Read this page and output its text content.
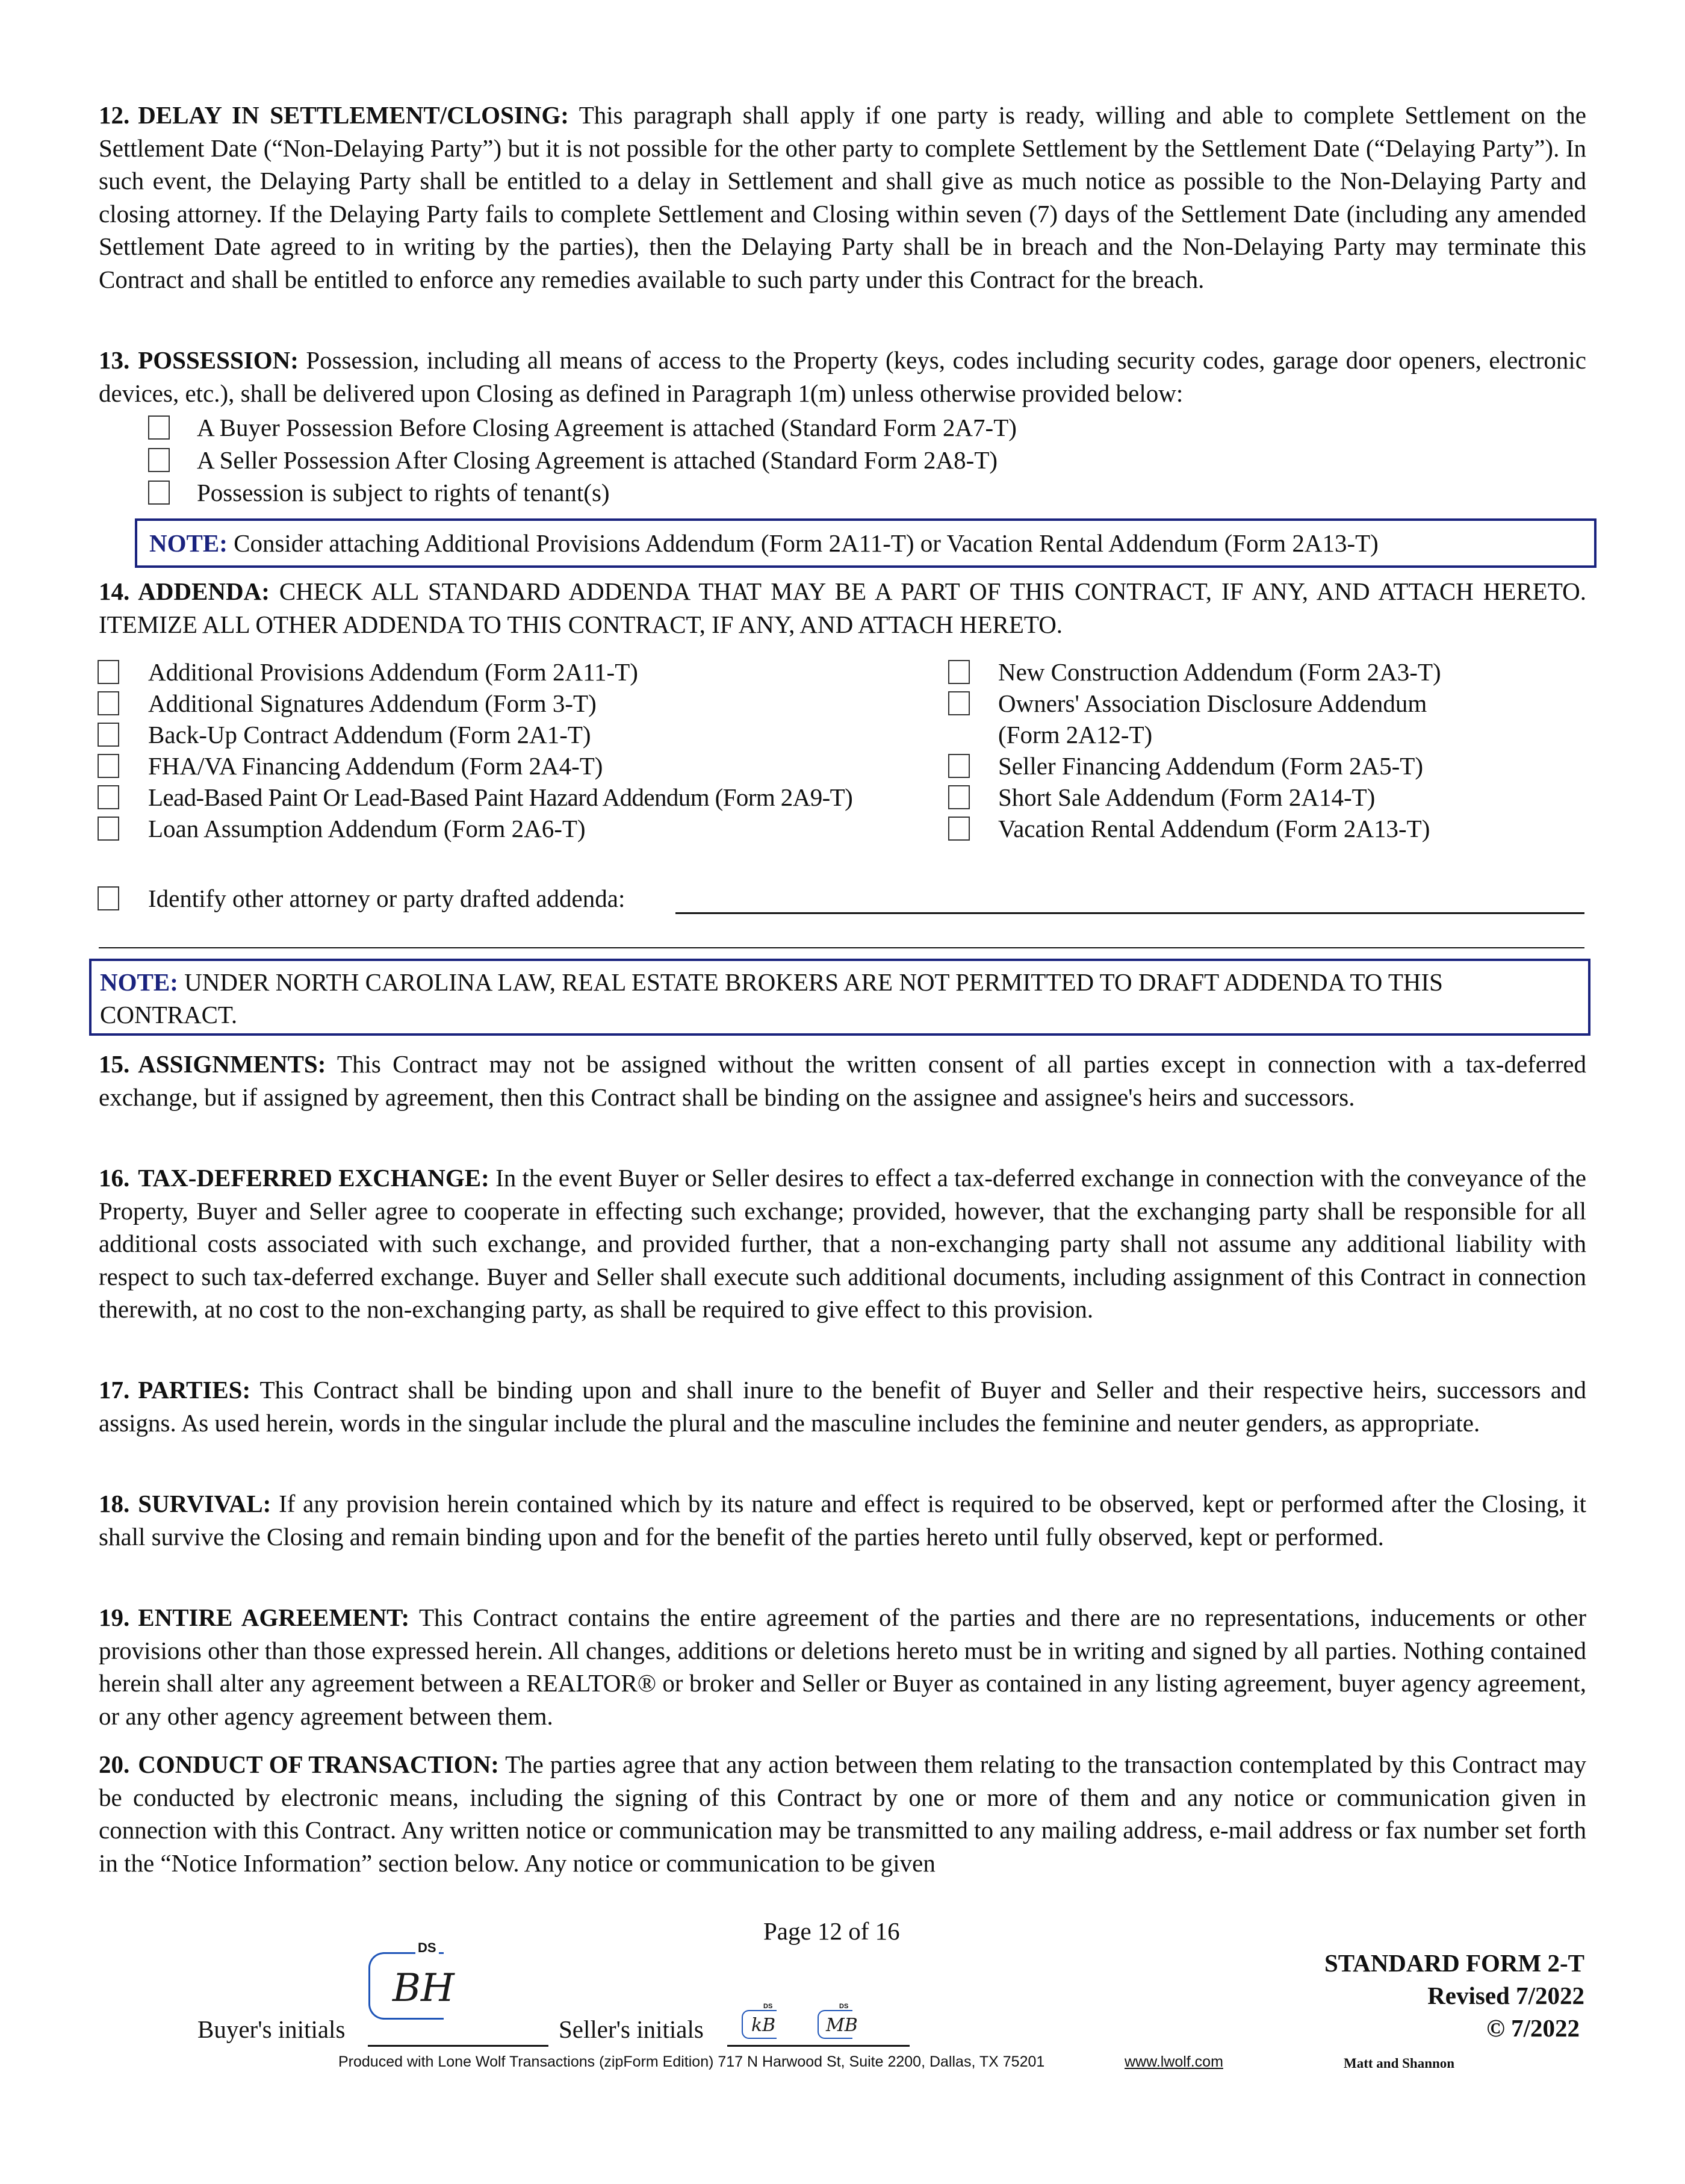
12. DELAY IN SETTLEMENT/CLOSING: This paragraph shall apply if one party is ready, willing and able to complete Settlement on the Settlement Date (“Non-Delaying Party”) but it is not possible for the other party to complete Settlement by the Settlement Date (“Delaying Party”). In such event, the Delaying Party shall be entitled to a delay in Settlement and shall give as much notice as possible to the Non-Delaying Party and closing attorney. If the Delaying Party fails to complete Settlement and Closing within seven (7) days of the Settlement Date (including any amended Settlement Date agreed to in writing by the parties), then the Delaying Party shall be in breach and the Non-Delaying Party may terminate this Contract and shall be entitled to enforce any remedies available to such party under this Contract for the breach.

13. POSSESSION: Possession, including all means of access to the Property (keys, codes including security codes, garage door openers, electronic devices, etc.), shall be delivered upon Closing as defined in Paragraph 1(m) unless otherwise provided below:

A Buyer Possession Before Closing Agreement is attached (Standard Form 2A7-T)
A Seller Possession After Closing Agreement is attached (Standard Form 2A8-T)
Possession is subject to rights of tenant(s)
NOTE: Consider attaching Additional Provisions Addendum (Form 2A11-T) or Vacation Rental Addendum (Form 2A13-T)

14. ADDENDA: CHECK ALL STANDARD ADDENDA THAT MAY BE A PART OF THIS CONTRACT, IF ANY, AND ATTACH HERETO. ITEMIZE ALL OTHER ADDENDA TO THIS CONTRACT, IF ANY, AND ATTACH HERETO.

Additional Provisions Addendum (Form 2A11-T)
Additional Signatures Addendum (Form 3-T)
Back-Up Contract Addendum (Form 2A1-T)
FHA/VA Financing Addendum (Form 2A4-T)
Lead-Based Paint Or Lead-Based Paint Hazard Addendum (Form 2A9-T)
Loan Assumption Addendum (Form 2A6-T)
New Construction Addendum (Form 2A3-T)
Owners' Association Disclosure Addendum
(Form 2A12-T)
Seller Financing Addendum (Form 2A5-T)
Short Sale Addendum (Form 2A14-T)
Vacation Rental Addendum (Form 2A13-T)
Identify other attorney or party drafted addenda:
NOTE: UNDER NORTH CAROLINA LAW, REAL ESTATE BROKERS ARE NOT PERMITTED TO DRAFT ADDENDA TO THIS CONTRACT.

15. ASSIGNMENTS: This Contract may not be assigned without the written consent of all parties except in connection with a tax-deferred exchange, but if assigned by agreement, then this Contract shall be binding on the assignee and assignee's heirs and successors.

16. TAX-DEFERRED EXCHANGE: In the event Buyer or Seller desires to effect a tax-deferred exchange in connection with the conveyance of the Property, Buyer and Seller agree to cooperate in effecting such exchange; provided, however, that the exchanging party shall be responsible for all additional costs associated with such exchange, and provided further, that a non-exchanging party shall not assume any additional liability with respect to such tax-deferred exchange. Buyer and Seller shall execute such additional documents, including assignment of this Contract in connection therewith, at no cost to the non-exchanging party, as shall be required to give effect to this provision.

17. PARTIES: This Contract shall be binding upon and shall inure to the benefit of Buyer and Seller and their respective heirs, successors and assigns. As used herein, words in the singular include the plural and the masculine includes the feminine and neuter genders, as appropriate.

18. SURVIVAL: If any provision herein contained which by its nature and effect is required to be observed, kept or performed after the Closing, it shall survive the Closing and remain binding upon and for the benefit of the parties hereto until fully observed, kept or performed.

19. ENTIRE AGREEMENT: This Contract contains the entire agreement of the parties and there are no representations, inducements or other provisions other than those expressed herein. All changes, additions or deletions hereto must be in writing and signed by all parties. Nothing contained herein shall alter any agreement between a REALTOR® or broker and Seller or Buyer as contained in any listing agreement, buyer agency agreement, or any other agency agreement between them.

20. CONDUCT OF TRANSACTION: The parties agree that any action between them relating to the transaction contemplated by this Contract may be conducted by electronic means, including the signing of this Contract by one or more of them and any notice or communication given in connection with this Contract. Any written notice or communication may be transmitted to any mailing address, e-mail address or fax number set forth in the “Notice Information” section below. Any notice or communication to be given

Page 12 of 16
DS
BH
Buyer's initials	Seller's initials
DS
kB
DS
MB
STANDARD FORM 2-T
Revised 7/2022
© 7/2022
Produced with Lone Wolf Transactions (zipForm Edition) 717 N Harwood St, Suite 2200, Dallas, TX 75201	www.lwolf.com	Matt and Shannon
